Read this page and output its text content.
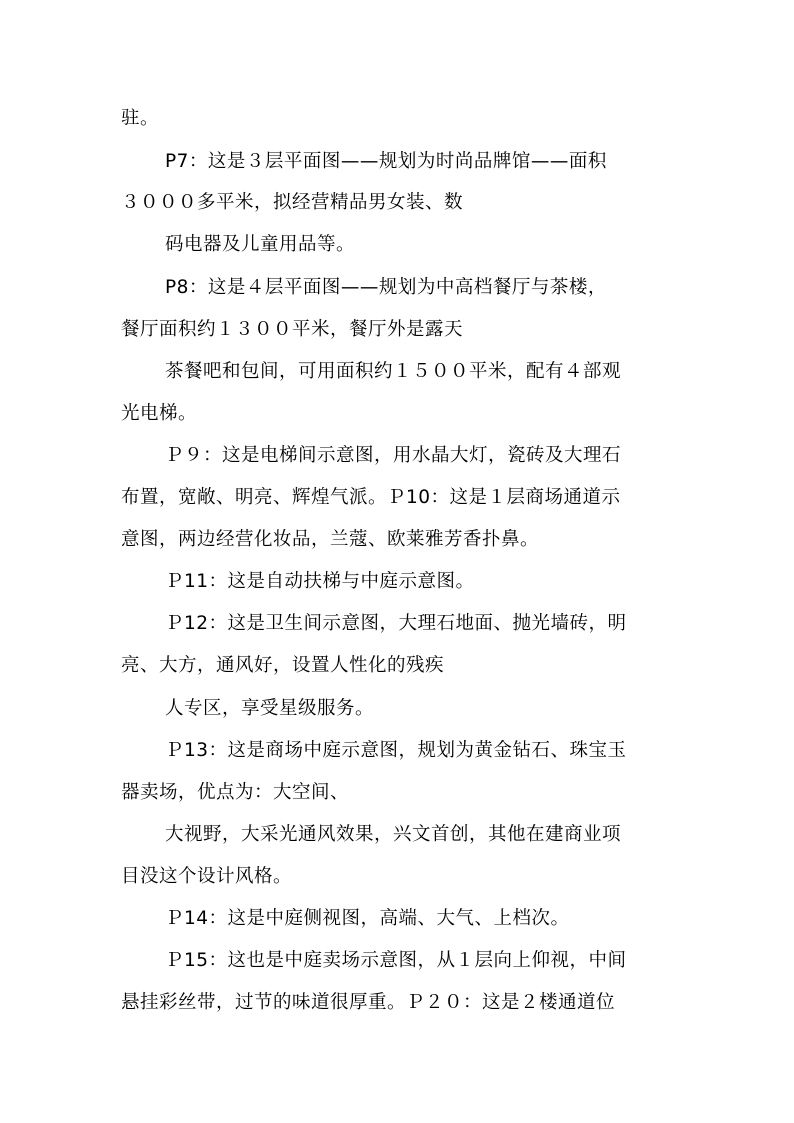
驻。
P7：这是３层平面图——规划为时尚品牌馆——面积
３０００多平米，拟经营精品男女装、数
码电器及儿童用品等。
P8：这是４层平面图——规划为中高档餐厅与茶楼，
餐厅面积约１３００平米，餐厅外是露天
茶餐吧和包间，可用面积约１５００平米，配有４部观
光电梯。
Ｐ９：这是电梯间示意图，用水晶大灯，瓷砖及大理石
布置，宽敞、明亮、辉煌气派。Ｐ10：这是１层商场通道示
意图，两边经营化妆品，兰蔻、欧莱雅芳香扑鼻。
Ｐ11：这是自动扶梯与中庭示意图。
Ｐ12：这是卫生间示意图，大理石地面、抛光墙砖，明
亮、大方，通风好，设置人性化的残疾
人专区，享受星级服务。
Ｐ13：这是商场中庭示意图，规划为黄金钻石、珠宝玉
器卖场，优点为：大空间、
大视野，大采光通风效果，兴文首创，其他在建商业项
目没这个设计风格。
Ｐ14：这是中庭侧视图，高端、大气、上档次。
Ｐ15：这也是中庭卖场示意图，从１层向上仰视，中间
悬挂彩丝带，过节的味道很厚重。Ｐ２０：这是２楼通道位
